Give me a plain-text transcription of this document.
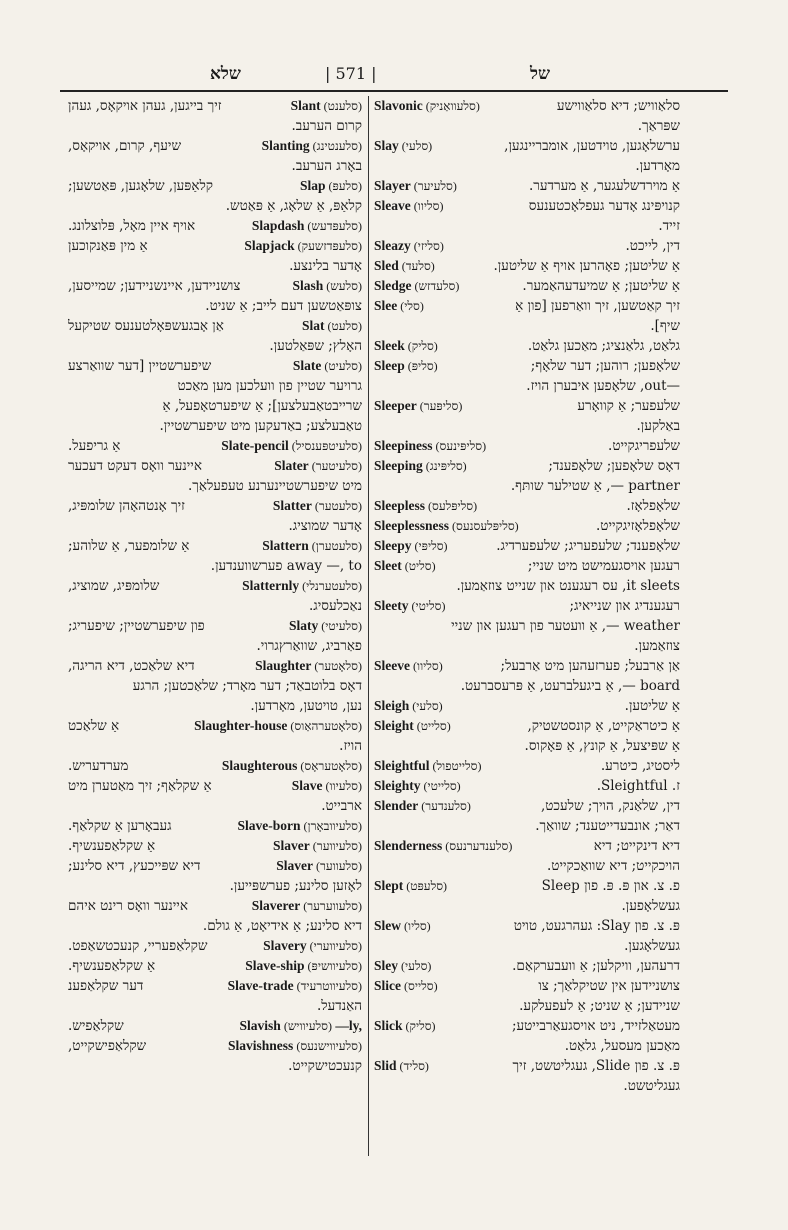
שלא	| 571 |	של
Slant (סלענט)
זיך בייגען, געהן אויקאָס, געהן
קרום הערעב.
Slanting (סלענטינג)
שיעף, קרום, אויקאָס,
באָרג הערעב.
Slap (סלעפּ)
קלאַפּען, שלאָגען, פּאַטשען;
קלאַפּ, אַ שלאָג, אַ פּאַטש.
Slapdash (סלעפּדעש)
אויף איין מאָל, פּלוצלונג.
Slapjack (סלעפּדזשעק)
אַ מין פּאַנקוכען
אָדער בלינצע.
Slash (סלעש)
צושניידען, איינשניידען; שמייסען,
צופּאַטשען דעם לייב; אַ שניט.
Slat (סלעט)
אַן אָבגעשפּאָלטענעס שטיקעל
האָלץ; שפּאַלטען.
Slate (סלעיט)
שיפערשטיין [דער שוואַרצע
גרויער שטיין פון וועלכען מען מאַכט
שרייבטאַבעלצען]; אַ שיפערטאָפעל, אַ
טאַבעלצע; באַדעקען מיט שיפערשטיין.
Slate-pencil (סלעיטפּענסיל)
אַ גריפעל.
Slater (סלעיטער)
איינער וואָס דעקט דעכער
מיט שיפערשטיינערנע טעפעלאַך.
Slatter (סלעטער)
זיך אָנטהאָהן שלומפּיג,
אָדער שמוציג.
Slattern (סלעטערן)
אַ שלומפער, אַ שלוהע;
away —, to פערשווענדען.
Slatternly (סלעטערנלי)
שלומפּיג, שמוציג,
נאַכלעסיג.
Slaty (סלעיטי)
פון שיפערשטיין; שיפעריג;
פאַרביג, שוואַרץגרוי.
Slaughter (סלאָטער)
דיא שלאַכט, דיא הריגה,
דאָס בלוטבאַד; דער מאָרד; שלאַכטען; הרגע
נען, טויטען, מאָרדען.
Slaughter-house (סלאָטערהאַוס)
אַ שלאַכט
הויז.
Slaughterous (סלאָטעראָס)
מערדעריש.
Slave (סלעיוו)
אַ שקלאַף; זיך מאַטערן מיט
ארבייט.
Slave-born (סלעיוובאָרן)
געבאָרען אַ שקלאַף.
Slaver (סלעיווער)
אַ שקלאַפענשיף.
Slaver (סלעווער)
דיא שפּייכעץ, דיא סלינע;
לאָזען סלינע; פערשפּייען.
Slaverer (סלעווערער)
איינער וואָס רינט איהם
דיא סלינע; אַ אידיאָט, אַ גולם.
Slavery (סלעיווערי)
שקלאַפעריי, קנעכטשאַפט.
Slave-ship (סלעיוושיפּ)
אַ שקלאַפענשיף.
Slave-trade (סלעיווטרעיד)
דער שקלאַפענ
האַנדעל.
Slavish (סלעיוויש) —ly,
שקלאַפיש.
Slavishness (סלעיווישנעס)
שקלאַפישקייט,
קנעכטישקייט.
Slavonic (סלעוואַניק)	סלאַוויש; דיא סלאַווישע
שפּראַך.
Slay (סלעי)	ערשלאָגען, טוידטען, אומבריינגען,
מאָרדען.
Slayer (סלעיער)	אַ מוירדשלעגער, אַ מערדער.
Sleave (סליוו)	קנויפּינג אָדער געפלאָכטענעס
זייד.
Sleazy (סליזי)	דין, לייכט.
Sled (סלעד)	אַ שליטען; פאָהרען אויף אַ שליטען.
Sledge (סלעדזש)	אַ שליטען; אַ שמיעדעהאַמער.
Slee (סלי)	זיך קאַטשען, זיך וואַרפען [פון אַ
שיף].
Sleek (סליק)	גלאַט, גלאַנציג; מאַכען גלאַט.
Sleep (סליפּ)	שלאָפען; רוהען; דער שלאָף;
—out, שלאָפען איבערן הויז.
Sleeper (סליפּער)	שלעפער; אַ קוואָרע
באַלקען.
Sleepiness (סליפּינעס)	שלעפריגקייט.
Sleeping (סליפּינג)	דאָס שלאָפען; שלאָפענד;
partner —, אַ שטילער שותּף.
Sleepless (סליפּלעס)	שלאָפלאָז.
Sleeplessness (סליפּלעסנעס)	שלאָפלאָזיגקייט.
Sleepy (סליפּי)	שלאָפענד; שלעפעריג; שלעפערדיג.
Sleet (סליט)	רעגען אויסגעמישט מיט שניי;
it sleets, עס רעגענט און שנייט צוזאַמען.
Sleety (סליטי)	רעגענדיג און שנייאיג;
weather —, אַ וועטער פון רעגען און שניי
צוזאַמען.
Sleeve (סליוו)	אַן אַרבעל; פערזעהען מיט אַרבעל;
board —, אַ ביגעלברעט, אַ פּרעסברעט.
Sleigh (סלעי)	אַ שליטען.
Sleight (סלייט)	אַ כיטראַקייט, אַ קונסטשטיק,
אַ שפּיצעל, אַ קונץ, אַ פּאָקוס.
Sleightful (סלייטפול)	ליסטיג, כיטרע.
Sleighty (סלייטי)	ז. Sleightful.
Slender (סלענדער)	דין, שלאַנק, הויך; שלעכט,
דאַר; אונבעדייטענד; שוואַך.
Slenderness (סלענדערנעס)	דיא דינקייט; דיא
הויכקייט; דיא שוואַכקייט.
Slept (סלעפּט)	פ. צ. און פּ. פּ. פון Sleep
געשלאָפען.
Slew (סליו)	פּ. צ. פון Slay: געהרגעט, טויט
געשלאָגען.
Sley (סלעי)	דרעהען, וויקלען; אַ וועבערקאַם.
Slice (סלייס)	צושניידען אין שטיקלאַך; צו
שניידען; אַ שניט; אַ לעפעלקע.
Slick (סליק)	מעטאַלזייד, ניט אויסגעאַרבייטע;
מאַכען מעסעל, גלאַט.
Slid (סליד)	פּ. צ. פון Slide, געגליטשט, זיך
געגליטשט.
